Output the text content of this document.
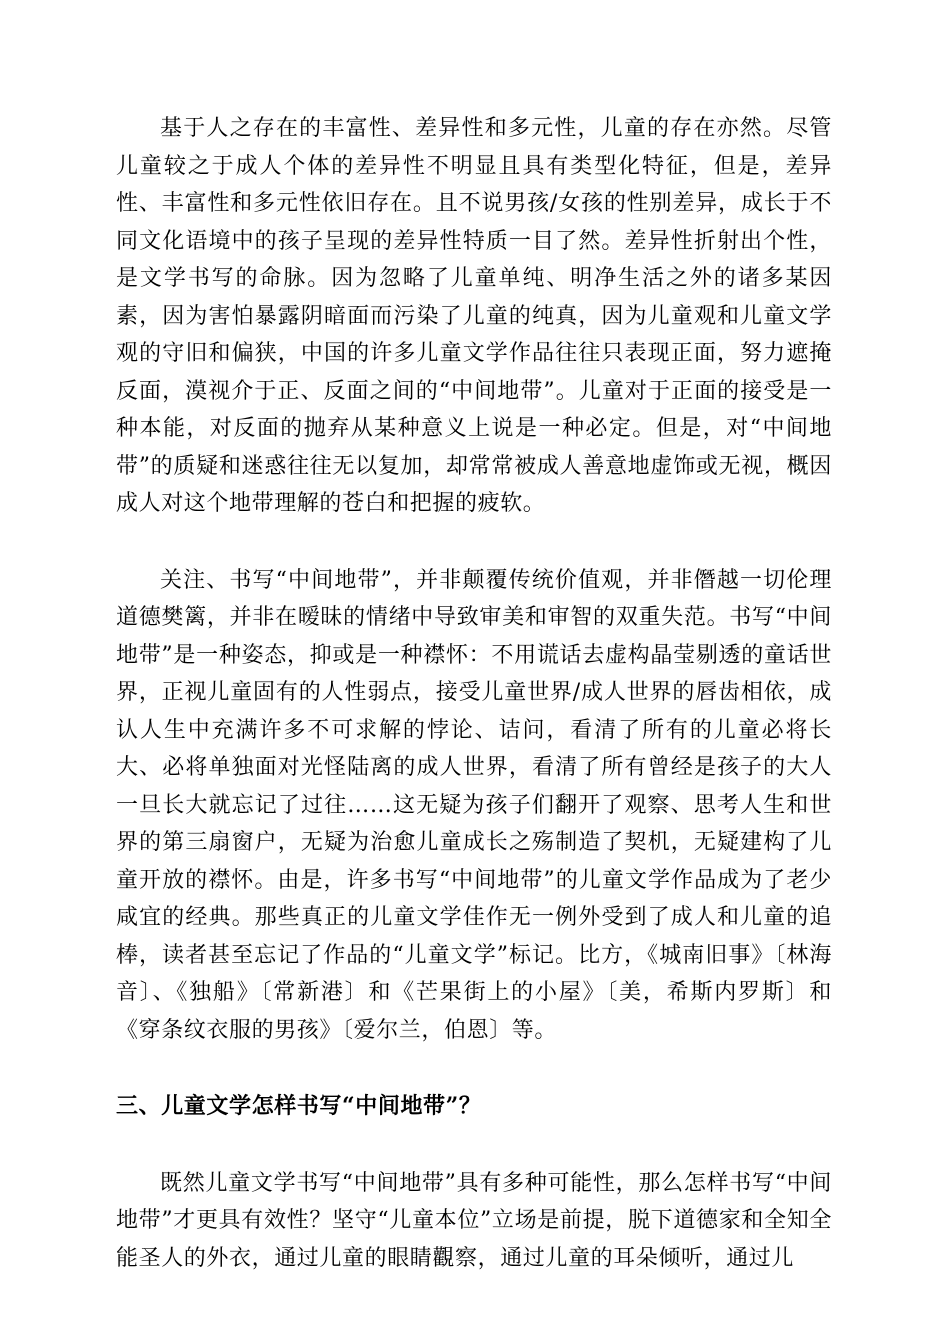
基于人之存在的丰富性、差异性和多元性，儿童的存在亦然。尽管儿童较之于成人个体的差异性不明显且具有类型化特征，但是，差异性、丰富性和多元性依旧存在。且不说男孩/女孩的性别差异，成长于不同文化语境中的孩子呈现的差异性特质一目了然。差异性折射出个性，是文学书写的命脉。因为忽略了儿童单纯、明净生活之外的诸多某因素，因为害怕暴露阴暗面而污染了儿童的纯真，因为儿童观和儿童文学观的守旧和偏狭，中国的许多儿童文学作品往往只表现正面，努力遮掩反面，漠视介于正、反面之间的“中间地带”。儿童对于正面的接受是一种本能，对反面的抛弃从某种意义上说是一种必定。但是，对“中间地带”的质疑和迷惑往往无以复加，却常常被成人善意地虚饰或无视，概因成人对这个地带理解的苍白和把握的疲软。

关注、书写“中间地带”，并非颠覆传统价值观，并非僭越一切伦理道德樊篱，并非在暧昧的情绪中导致审美和审智的双重失范。书写“中间地带”是一种姿态，抑或是一种襟怀：不用谎话去虚构晶莹剔透的童话世界，正视儿童固有的人性弱点，接受儿童世界/成人世界的唇齿相依，成认人生中充满许多不可求解的悖论、诘问，看清了所有的儿童必将长大、必将单独面对光怪陆离的成人世界，看清了所有曾经是孩子的大人一旦长大就忘记了过往……这无疑为孩子们翻开了观察、思考人生和世界的第三扇窗户，无疑为治愈儿童成长之殇制造了契机，无疑建构了儿童开放的襟怀。由是，许多书写“中间地带”的儿童文学作品成为了老少咸宜的经典。那些真正的儿童文学佳作无一例外受到了成人和儿童的追棒，读者甚至忘记了作品的“儿童文学”标记。比方，《城南旧事》〔林海音〕、《独船》〔常新港〕和《芒果街上的小屋》〔美，希斯内罗斯〕和《穿条纹衣服的男孩》〔爱尔兰，伯恩〕等。

三、儿童文学怎样书写“中间地带”？

既然儿童文学书写“中间地带”具有多种可能性，那么怎样书写“中间地带”才更具有效性？坚守“儿童本位”立场是前提，脱下道德家和全知全能圣人的外衣，通过儿童的眼睛觀察，通过儿童的耳朵倾听，通过儿
